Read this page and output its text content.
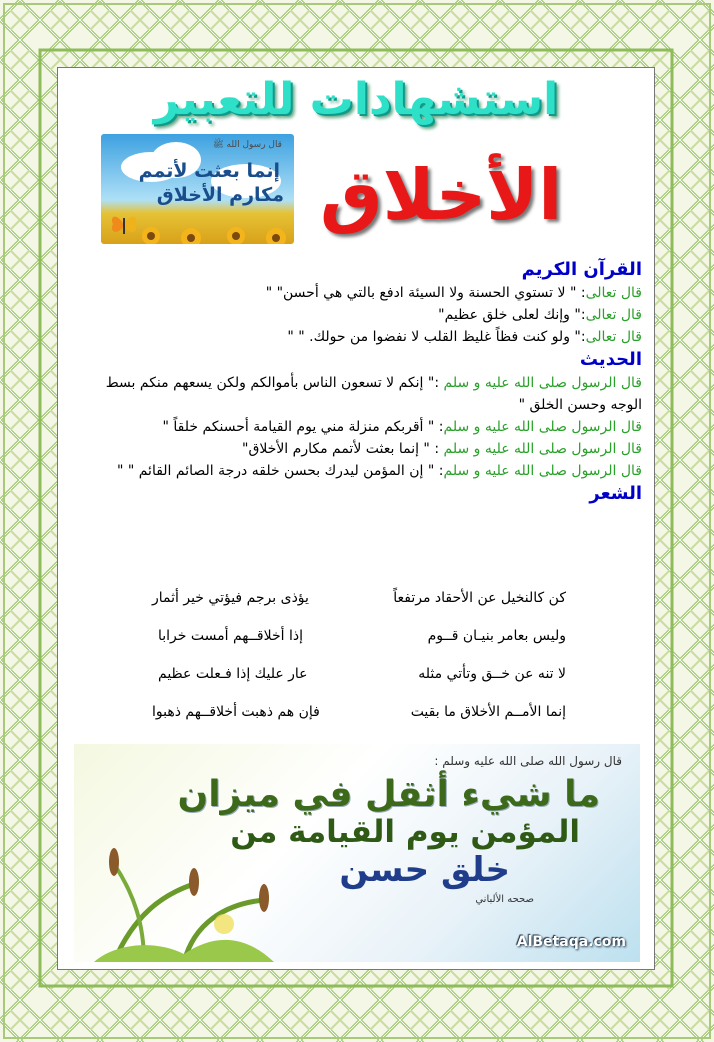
استشهادات للتعبير
قال رسول الله ﷺ
إنما بعثت لأتمم
مكارم الأخلاق الأخلاق
القرآن الكريم
قال تعالى: " لا تستوي الحسنة ولا السيئة ادفع بالتي هي أحسن" "
قال تعالى:" وإنك لعلى خلق عظيم"
قال تعالى:" ولو كنت فظاً غليظ القلب لا نفضوا من حولك. " "
الحديث
قال الرسول صلى الله عليه و سلم :" إنكم لا تسعون الناس بأموالكم ولكن يسعهم منكم بسط الوجه وحسن الخلق "
قال الرسول صلى الله عليه و سلم: " أقربكم منزلة مني يوم القيامة أحسنكم خلقاً "
قال الرسول صلى الله عليه و سلم : " إنما بعثت لأتمم مكارم الأخلاق"
قال الرسول صلى الله عليه و سلم: " إن المؤمن ليدرك بحسن خلقه درجة الصائم القائم " "
الشعر
كن كالنخيل عن الأحقاد مرتفعاً
يؤذى برجم فيؤتي خير أثمار
وليس بعامر بنيـان قــوم
إذا أخلاقــهم أمست خرابا
لا تنه عن خــق وتأتي مثله
عار عليك إذا فـعلت عظيم
إنما الأمــم الأخلاق ما بقيت
فإن هم ذهبت أخلاقــهم ذهبوا
قال رسول الله صلى الله عليه وسلم :
ما شيء أثقل في ميزان
المؤمن يوم القيامة من
خلق حسن
صححه الألباني
AlBetaqa.com
